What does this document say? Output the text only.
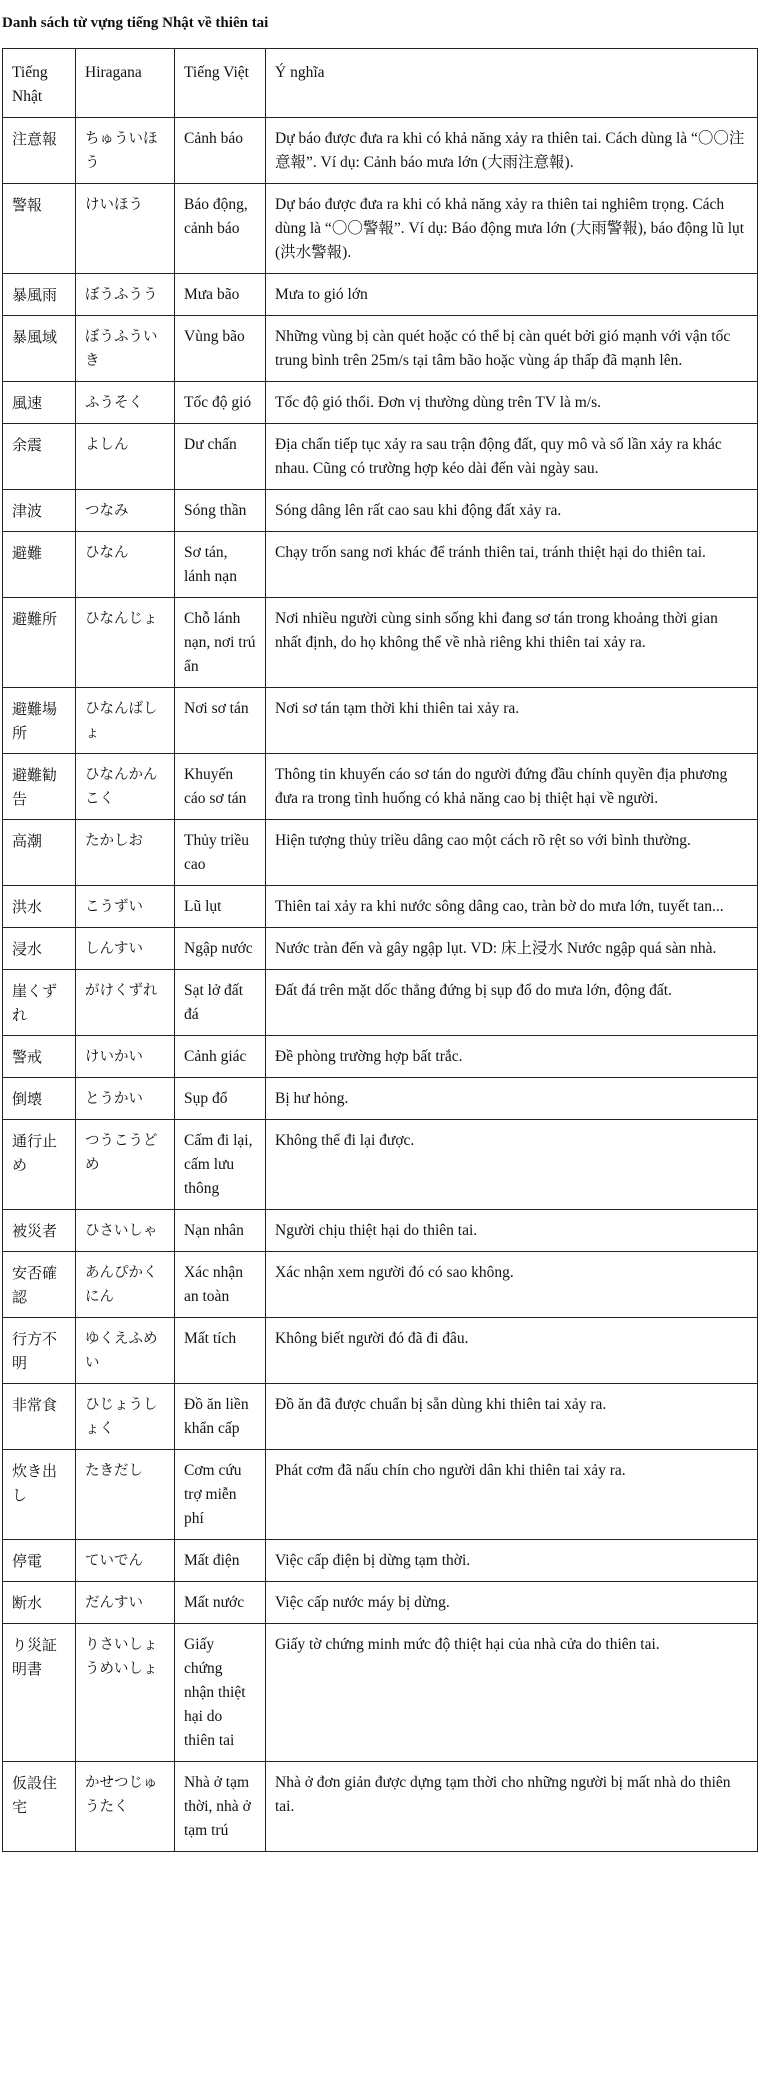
Danh sách từ vựng tiếng Nhật về thiên tai
Tiếng Nhật	Hiragana	Tiếng Việt	Ý nghĩa
注意報	ちゅういほう	Cảnh báo	Dự báo được đưa ra khi có khả năng xảy ra thiên tai. Cách dùng là “〇〇注意報”. Ví dụ: Cảnh báo mưa lớn (大雨注意報).
警報	けいほう	Báo động, cảnh báo	Dự báo được đưa ra khi có khả năng xảy ra thiên tai nghiêm trọng. Cách dùng là “〇〇警報”. Ví dụ: Báo động mưa lớn (大雨警報), báo động lũ lụt (洪水警報).
暴風雨	ぼうふうう	Mưa bão	Mưa to gió lớn
暴風域	ぼうふういき	Vùng bão	Những vùng bị càn quét hoặc có thể bị càn quét bởi gió mạnh với vận tốc trung bình trên 25m/s tại tâm bão hoặc vùng áp thấp đã mạnh lên.
風速	ふうそく	Tốc độ gió	Tốc độ gió thổi. Đơn vị thường dùng trên TV là m/s.
余震	よしん	Dư chấn	Địa chấn tiếp tục xảy ra sau trận động đất, quy mô và số lần xảy ra khác nhau. Cũng có trường hợp kéo dài đến vài ngày sau.
津波	つなみ	Sóng thần	Sóng dâng lên rất cao sau khi động đất xảy ra.
避難	ひなん	Sơ tán, lánh nạn	Chạy trốn sang nơi khác để tránh thiên tai, tránh thiệt hại do thiên tai.
避難所	ひなんじょ	Chỗ lánh nạn, nơi trú ẩn	Nơi nhiều người cùng sinh sống khi đang sơ tán trong khoảng thời gian nhất định, do họ không thể về nhà riêng khi thiên tai xảy ra.
避難場所	ひなんばしょ	Nơi sơ tán	Nơi sơ tán tạm thời khi thiên tai xảy ra.
避難勧告	ひなんかんこく	Khuyến cáo sơ tán	Thông tin khuyến cáo sơ tán do người đứng đầu chính quyền địa phương đưa ra trong tình huống có khả năng cao bị thiệt hại về người.
高潮	たかしお	Thủy triều cao	Hiện tượng thủy triều dâng cao một cách rõ rệt so với bình thường.
洪水	こうずい	Lũ lụt	Thiên tai xảy ra khi nước sông dâng cao, tràn bờ do mưa lớn, tuyết tan...
浸水	しんすい	Ngập nước	Nước tràn đến và gây ngập lụt. VD: 床上浸水 Nước ngập quá sàn nhà.
崖くずれ	がけくずれ	Sạt lở đất đá	Đất đá trên mặt dốc thẳng đứng bị sụp đổ do mưa lớn, động đất.
警戒	けいかい	Cảnh giác	Đề phòng trường hợp bất trắc.
倒壊	とうかい	Sụp đổ	Bị hư hỏng.
通行止め	つうこうどめ	Cấm đi lại, cấm lưu thông	Không thể đi lại được.
被災者	ひさいしゃ	Nạn nhân	Người chịu thiệt hại do thiên tai.
安否確認	あんぴかくにん	Xác nhận an toàn	Xác nhận xem người đó có sao không.
行方不明	ゆくえふめい	Mất tích	Không biết người đó đã đi đâu.
非常食	ひじょうしょく	Đồ ăn liền khẩn cấp	Đồ ăn đã được chuẩn bị sẵn dùng khi thiên tai xảy ra.
炊き出し	たきだし	Cơm cứu trợ miễn phí	Phát cơm đã nấu chín cho người dân khi thiên tai xảy ra.
停電	ていでん	Mất điện	Việc cấp điện bị dừng tạm thời.
断水	だんすい	Mất nước	Việc cấp nước máy bị dừng.
り災証明書	りさいしょうめいしょ	Giấy chứng nhận thiệt hại do thiên tai	Giấy tờ chứng minh mức độ thiệt hại của nhà cửa do thiên tai.
仮設住宅	かせつじゅうたく	Nhà ở tạm thời, nhà ở tạm trú	Nhà ở đơn giản được dựng tạm thời cho những người bị mất nhà do thiên tai.
